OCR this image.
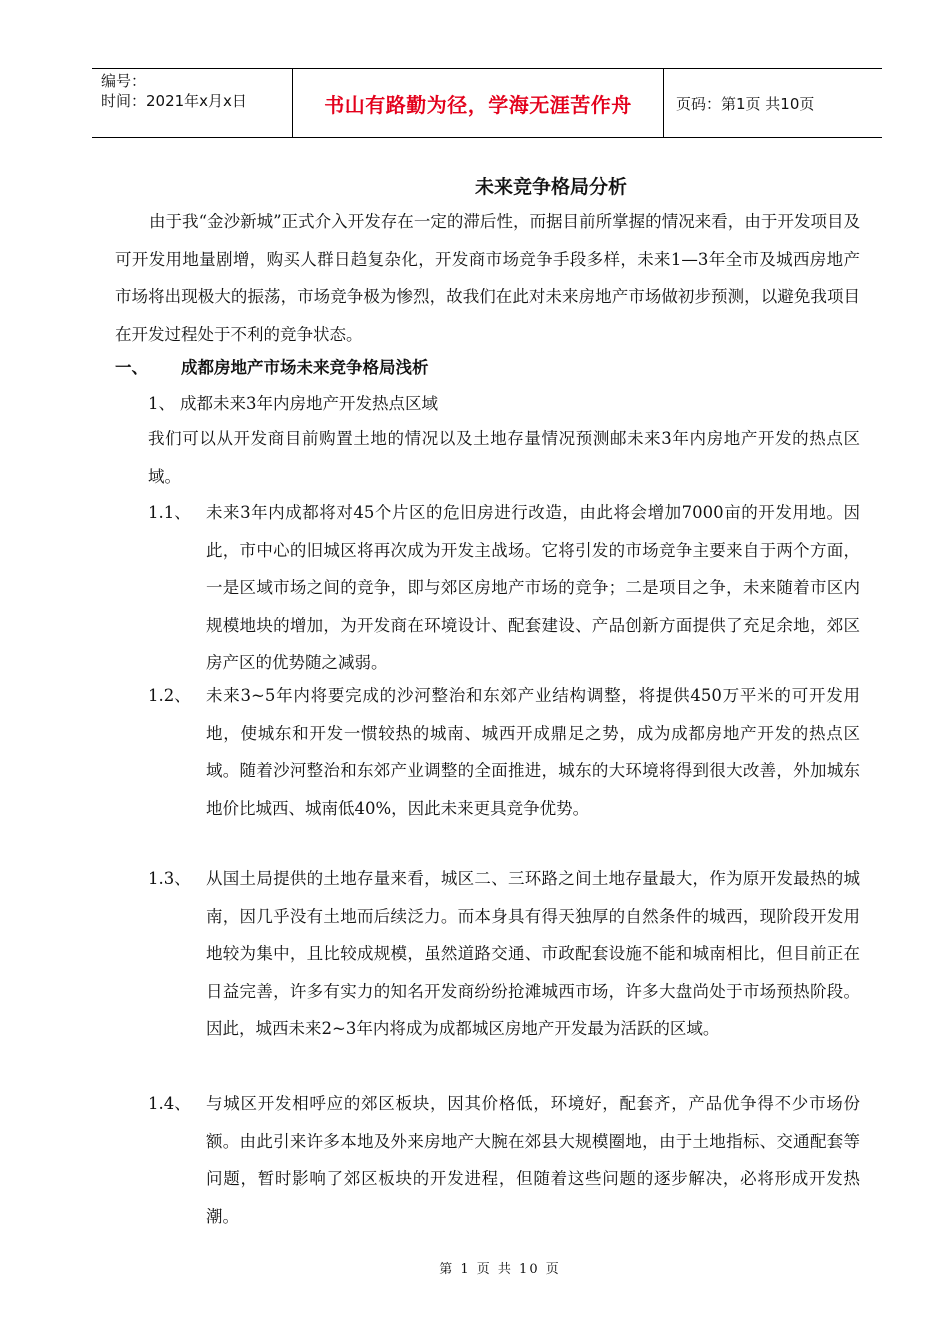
编号：
时间：2021年x月x日	书山有路勤为径，学海无涯苦作舟	页码：第1页 共10页
未来竞争格局分析
由于我“金沙新城”正式介入开发存在一定的滞后性，而据目前所掌握的情况来看，由于开发项目及可开发用地量剧增，购买人群日趋复杂化，开发商市场竞争手段多样，未来1—3年全市及城西房地产市场将出现极大的振荡，市场竞争极为惨烈，故我们在此对未来房地产市场做初步预测，以避免我项目在开发过程处于不利的竞争状态。
一、 成都房地产市场未来竞争格局浅析
1、 成都未来3年内房地产开发热点区域
我们可以从开发商目前购置土地的情况以及土地存量情况预测邮未来3年内房地产开发的热点区域。
1.1、 未来3年内成都将对45个片区的危旧房进行改造，由此将会增加7000亩的开发用地。因此，市中心的旧城区将再次成为开发主战场。它将引发的市场竞争主要来自于两个方面，一是区域市场之间的竞争，即与郊区房地产市场的竞争；二是项目之争，未来随着市区内规模地块的增加，为开发商在环境设计、配套建设、产品创新方面提供了充足余地，郊区房产区的优势随之减弱。
1.2、 未来3~5年内将要完成的沙河整治和东郊产业结构调整，将提供450万平米的可开发用地，使城东和开发一惯较热的城南、城西开成鼎足之势，成为成都房地产开发的热点区域。随着沙河整治和东郊产业调整的全面推进，城东的大环境将得到很大改善，外加城东地价比城西、城南低40%，因此未来更具竞争优势。
1.3、 从国土局提供的土地存量来看，城区二、三环路之间土地存量最大，作为原开发最热的城南，因几乎没有土地而后续泛力。而本身具有得天独厚的自然条件的城西，现阶段开发用地较为集中，且比较成规模，虽然道路交通、市政配套设施不能和城南相比，但目前正在日益完善，许多有实力的知名开发商纷纷抢滩城西市场，许多大盘尚处于市场预热阶段。因此，城西未来2~3年内将成为成都城区房地产开发最为活跃的区域。
1.4、 与城区开发相呼应的郊区板块，因其价格低，环境好，配套齐，产品优争得不少市场份额。由此引来许多本地及外来房地产大腕在郊县大规模圈地，由于土地指标、交通配套等问题，暂时影响了郊区板块的开发进程，但随着这些问题的逐步解决，必将形成开发热潮。
第 1 页 共 10 页
